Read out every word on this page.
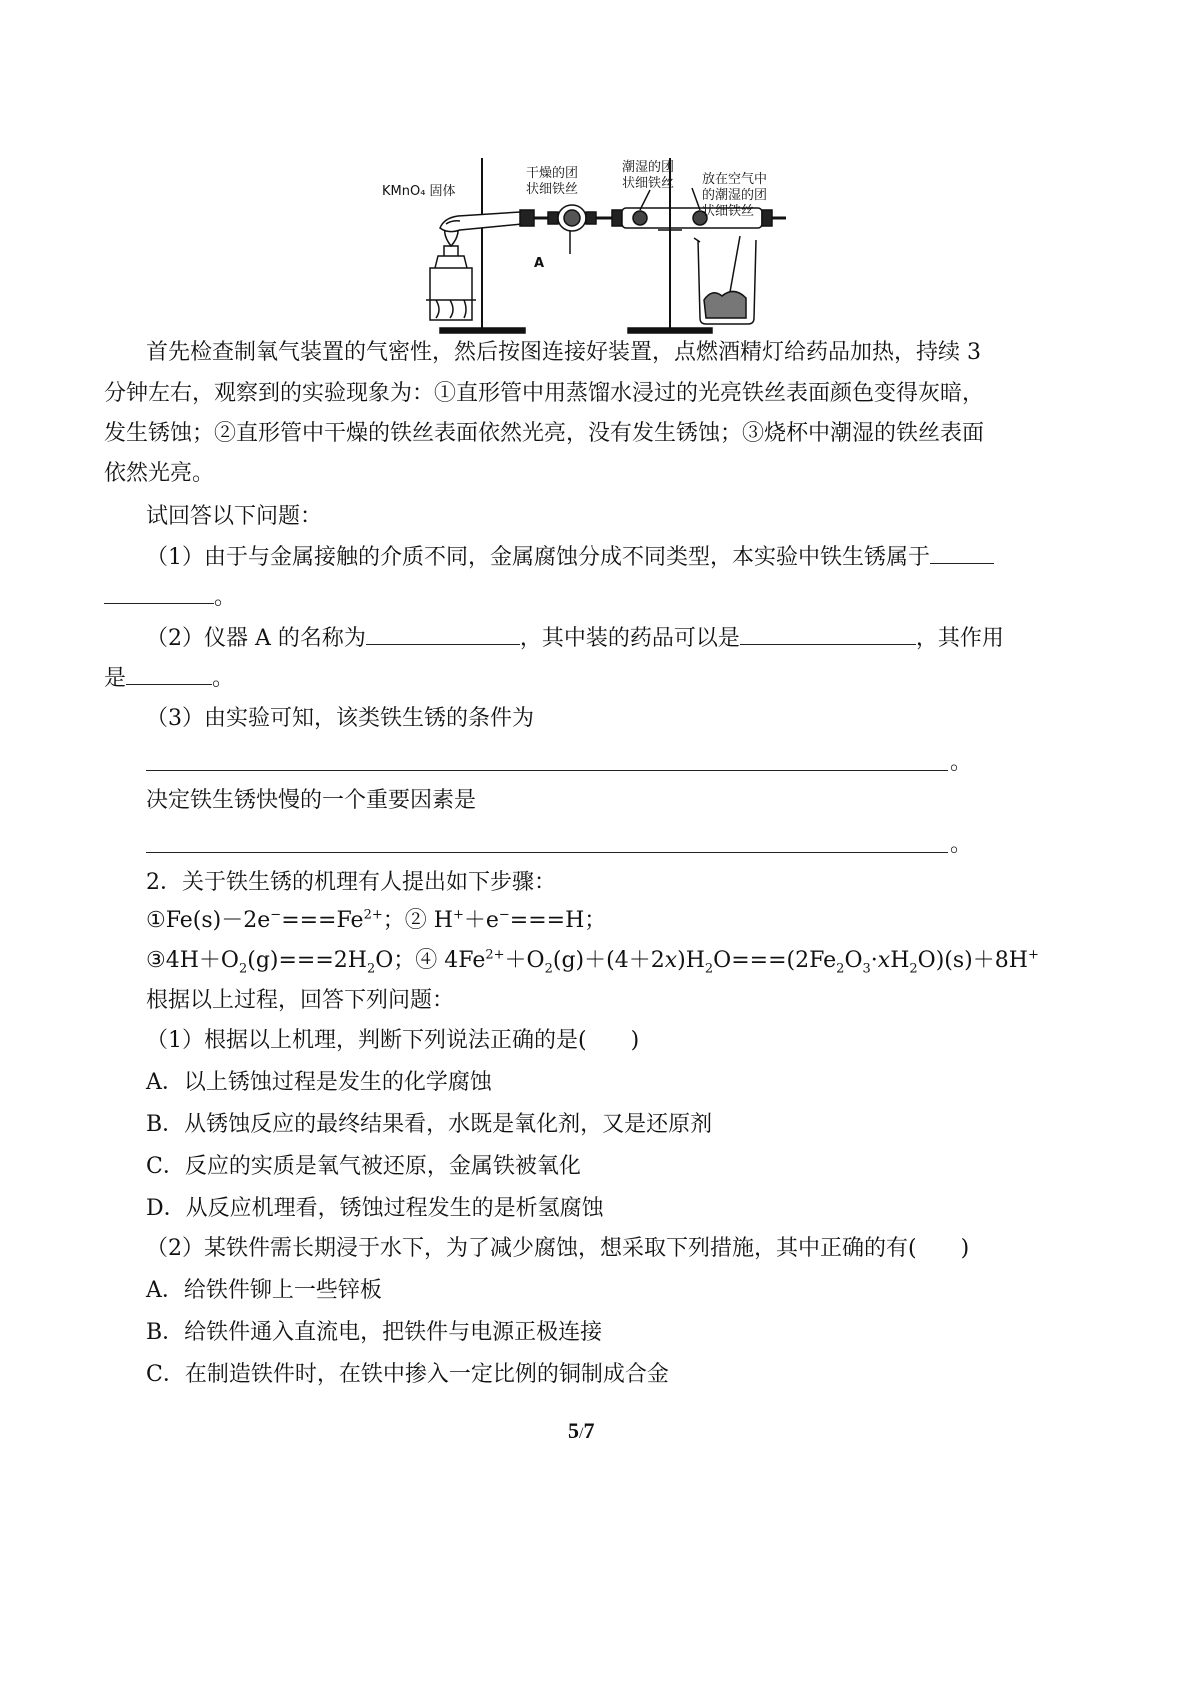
KMnO₄ 固体
干燥的团
状细铁丝
潮湿的团
状细铁丝 放在空气中
的潮湿的团
状细铁丝
A
首先检查制氧气装置的气密性，然后按图连接好装置，点燃酒精灯给药品加热，持续 3
分钟左右，观察到的实验现象为：①直形管中用蒸馏水浸过的光亮铁丝表面颜色变得灰暗，
发生锈蚀；②直形管中干燥的铁丝表面依然光亮，没有发生锈蚀；③烧杯中潮湿的铁丝表面
依然光亮。
试回答以下问题：
（1）由于与金属接触的介质不同，金属腐蚀分成不同类型，本实验中铁生锈属于
。
（2）仪器 A 的名称为	，其中装的药品可以是	，其作用
是	。
（3）由实验可知，该类铁生锈的条件为
。
决定铁生锈快慢的一个重要因素是
。
2．关于铁生锈的机理有人提出如下步骤：
$①Fe(s)-2e^-===Fe^{2+}$；② H+＋e−===H；
$③4H+O_2(g)===2H_2O$；④ $4Fe^{2+}+O_2(g)+(4+2x)H_2O===(2Fe_2O_3\cdot xH_2O)(s)+8H^+$
根据以上过程，回答下列问题：
（1）根据以上机理，判断下列说法正确的是(　　)
A．以上锈蚀过程是发生的化学腐蚀
B．从锈蚀反应的最终结果看，水既是氧化剂，又是还原剂
C．反应的实质是氧气被还原，金属铁被氧化
D．从反应机理看，锈蚀过程发生的是析氢腐蚀
（2）某铁件需长期浸于水下，为了减少腐蚀，想采取下列措施，其中正确的有(　　)
A．给铁件铆上一些锌板
B．给铁件通入直流电，把铁件与电源正极连接
C．在制造铁件时，在铁中掺入一定比例的铜制成合金
5/7
